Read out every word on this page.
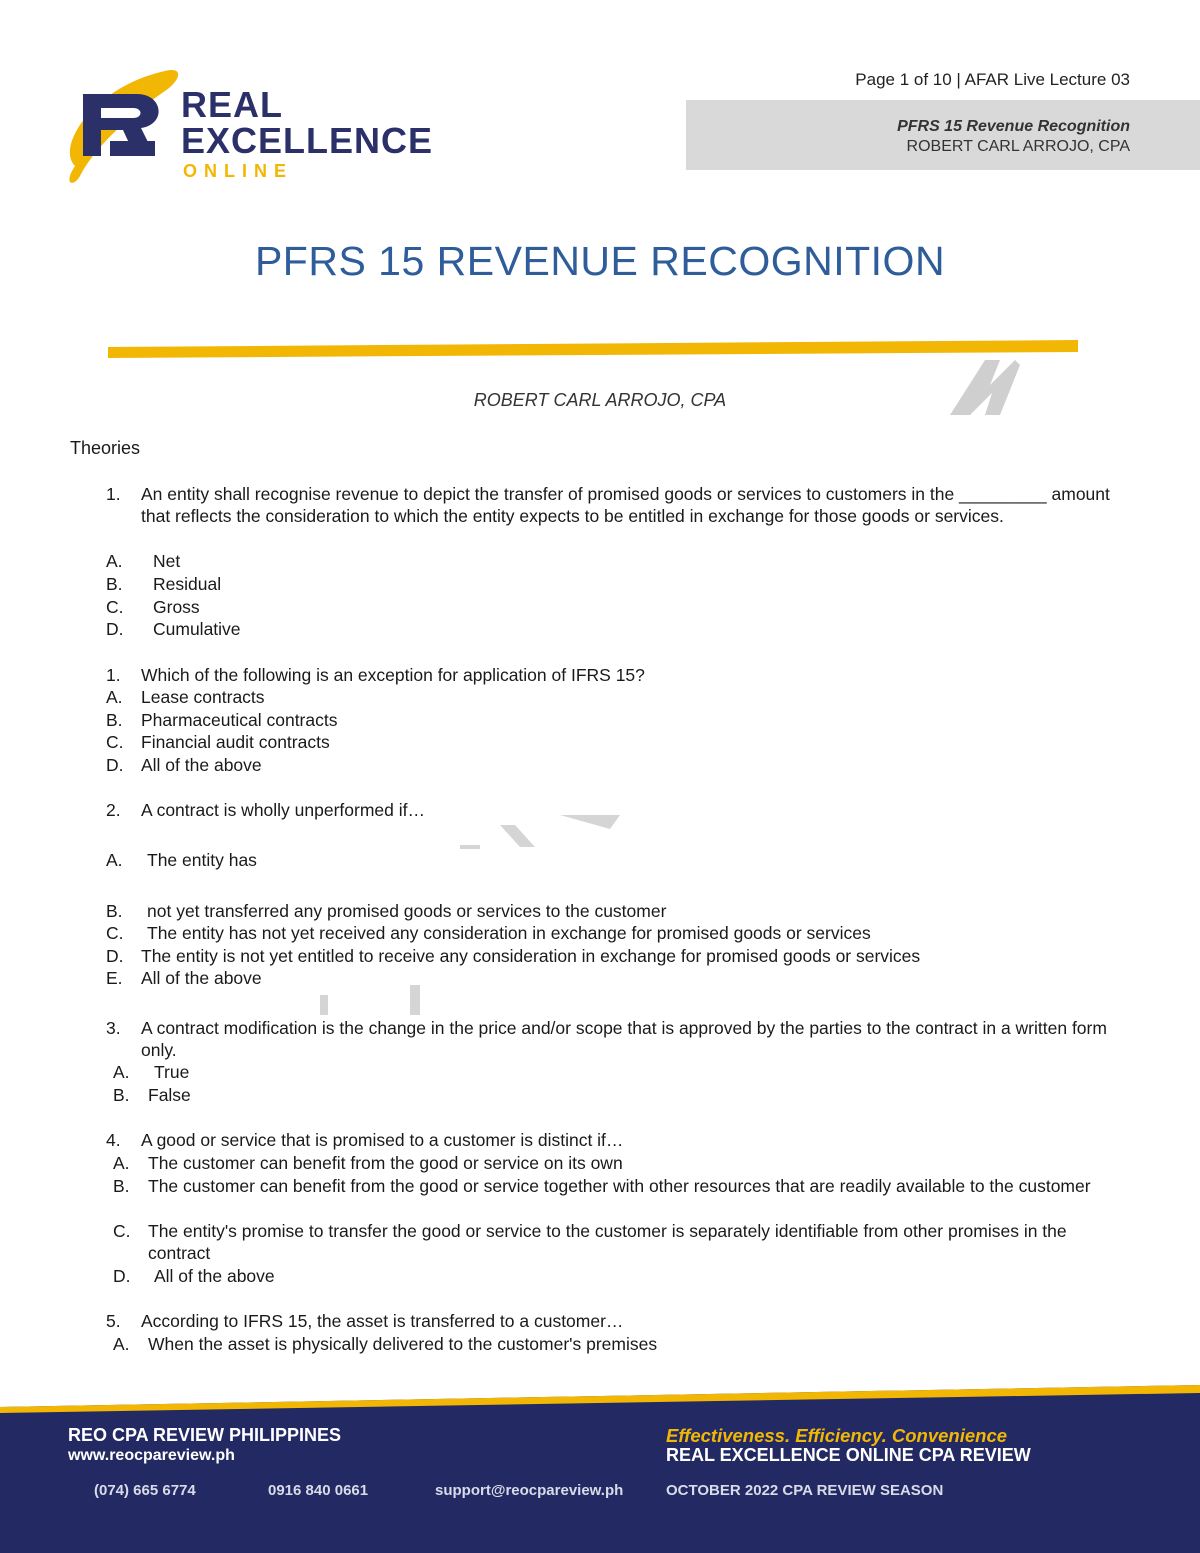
REAL
EXCELLENCE
ONLINE
Page 1 of 10 | AFAR Live Lecture 03
PFRS 15 Revenue Recognition
ROBERT CARL ARROJO, CPA
PFRS 15 REVENUE RECOGNITION
ROBERT CARL ARROJO, CPA
Theories
1. An entity shall recognise revenue to depict the transfer of promised goods or services to customers in the _________ amount that reflects the consideration to which the entity expects to be entitled in exchange for those goods or services.
A. Net
B. Residual
C. Gross
D. Cumulative
1. Which of the following is an exception for application of IFRS 15?
A. Lease contracts
B. Pharmaceutical contracts
C. Financial audit contracts
D. All of the above
2. A contract is wholly unperformed if…
A. The entity has
B. not yet transferred any promised goods or services to the customer
C. The entity has not yet received any consideration in exchange for promised goods or services
D. The entity is not yet entitled to receive any consideration in exchange for promised goods or services
E. All of the above
3. A contract modification is the change in the price and/or scope that is approved by the parties to the contract in a written form only.
A. True
B. False
4. A good or service that is promised to a customer is distinct if…
A. The customer can benefit from the good or service on its own
B. The customer can benefit from the good or service together with other resources that are readily available to the customer
C. The entity's promise to transfer the good or service to the customer is separately identifiable from other promises in the contract
D. All of the above
5. According to IFRS 15, the asset is transferred to a customer…
A. When the asset is physically delivered to the customer's premises
REO CPA REVIEW PHILIPPINES
www.reocpareview.ph
(074) 665 6774	0916 840 0661	support@reocpareview.ph
Effectiveness. Efficiency. Convenience
REAL EXCELLENCE ONLINE CPA REVIEW
OCTOBER 2022 CPA REVIEW SEASON
